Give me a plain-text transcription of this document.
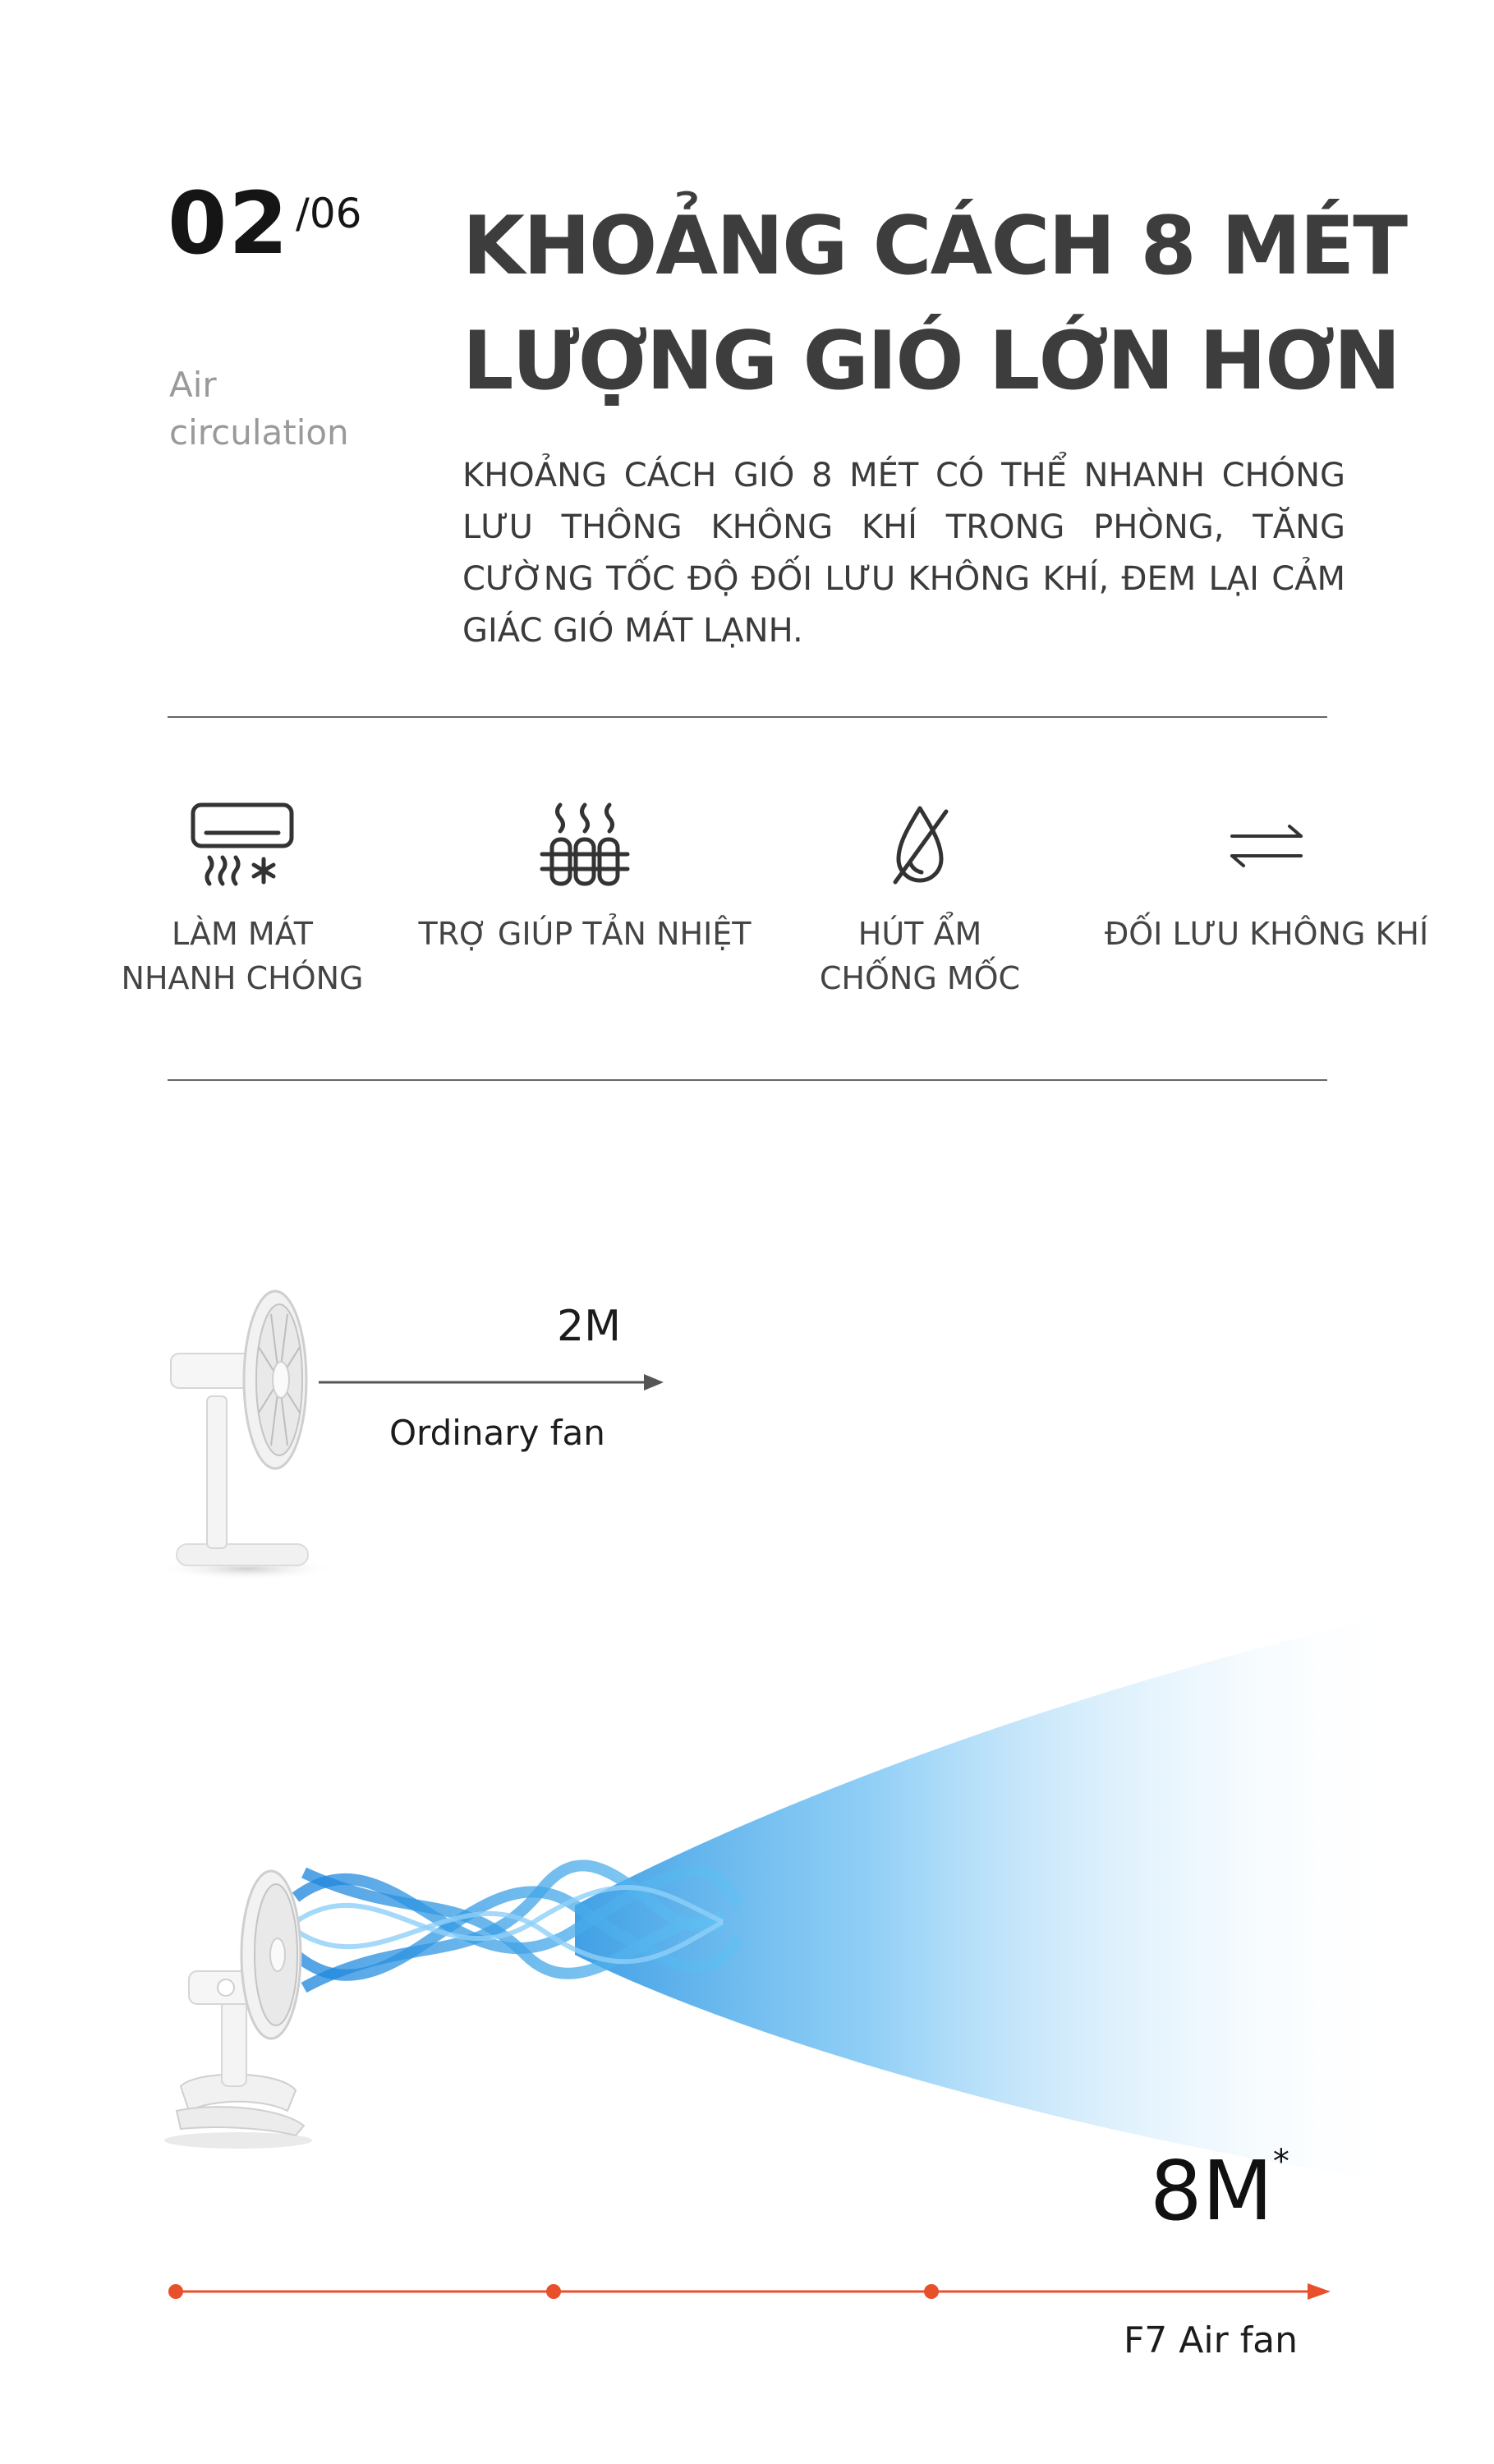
02 /06
Air circulation
KHOẢNG CÁCH 8 MÉT
LƯỢNG GIÓ LỚN HƠN
KHOẢNG CÁCH GIÓ 8 MÉT CÓ THỂ NHANH CHÓNG LƯU THÔNG KHÔNG KHÍ TRONG PHÒNG, TĂNG CƯỜNG TỐC ĐỘ ĐỐI LƯU KHÔNG KHÍ, ĐEM LẠI CẢM GIÁC GIÓ MÁT LẠNH.
LÀM MÁT
NHANH CHÓNG
TRỢ GIÚP TẢN NHIỆT	HÚT ẨM
CHỐNG MỐC
ĐỐI LƯU KHÔNG KHÍ
2M
Ordinary fan
8M*
F7 Air fan
